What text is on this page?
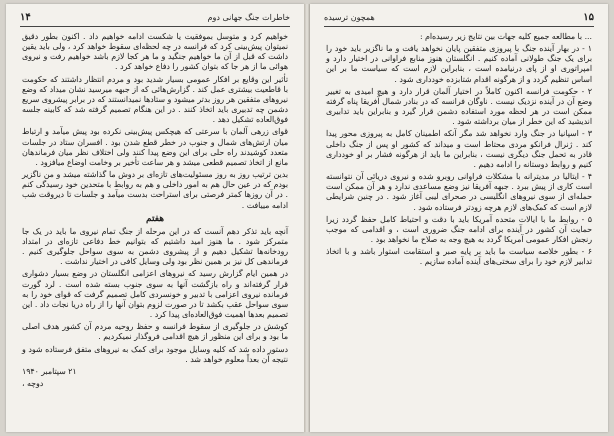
۱۴	خاطرات جنگ جهانی دوم

خواهیم کرد و متوسل بموفقیت یا شکست ادامه خواهیم داد . اکنون بطور دقیق نمیتوان پیش‌بینی کرد که فرانسه در چه لحظه‌ای سقوط خواهد کرد ، ولی باید یقین داشت که قبل از آن ما خواهیم جنگید و ما هر کجا لازم باشد خواهیم رفت و نیروی هوائی ما از هر جا که بتوان کشور را دفاع خواهد کرد .

تأثیر این وقایع بر افکار عمومی بسیار شدید بود و مردم انتظار داشتند که حکومت با قاطعیت بیشتری عمل کند . گزارش‌هائی که از جبهه میرسید نشان میداد که وضع نیروهای متفقین هر روز بدتر میشود و ستادها نمیدانستند که در برابر پیشروی سریع دشمن چه تدبیری باید اتخاذ کنند . در این هنگام تصمیم گرفته شد که کابینه جلسه فوق‌العاده تشکیل دهد .

قوای زرهی آلمان با سرعتی که هیچکس پیش‌بینی نکرده بود پیش میآمد و ارتباط میان ارتش‌های شمال و جنوب در خطر قطع شدن بود . افسران ستاد در جلسات متعدد کوشیدند راه حلی برای این وضع پیدا کنند ولی اختلاف نظر میان فرماندهان مانع از اتخاذ تصمیم قطعی میشد و هر ساعت تأخیر بر وخامت اوضاع میافزود .

بدین ترتیب روز به روز مسئولیت‌های تازه‌ای بر دوش ما گذاشته میشد و من ناگزیر بودم که در عین حال هم به امور داخلی و هم به روابط با متحدین خود رسیدگی کنم . در آن روزها کمتر فرصتی برای استراحت بدست میآمد و جلسات تا دیروقت شب ادامه مییافت .

هفتم

آنچه باید تذکر دهم آنست که در این مرحله از جنگ تمام نیروی ما باید در یک جا متمرکز شود . ما هنوز امید داشتیم که بتوانیم خط دفاعی تازه‌ای در امتداد رودخانه‌ها تشکیل دهیم و از پیشروی دشمن به سوی سواحل جلوگیری کنیم . فرماندهی کل نیز بر همین نظر بود ولی وسایل کافی در اختیار نداشت .

در همین ایام گزارش رسید که نیروهای اعزامی انگلستان در وضع بسیار دشواری قرار گرفته‌اند و راه بازگشت آنها به سوی جنوب بسته شده است . لرد گورت فرمانده نیروی اعزامی با تدبیر و خونسردی کامل تصمیم گرفت که قوای خود را به سوی سواحل عقب بکشد تا در صورت لزوم بتوان آنها را از راه دریا نجات داد . این تصمیم بعدها اهمیت فوق‌العاده‌ای پیدا کرد .

کوشش در جلوگیری از سقوط فرانسه و حفظ روحیه مردم آن کشور هدف اصلی ما بود و برای این منظور از هیچ اقدامی فروگذار نمیکردیم .

دستور داده شد که کلیه وسایل موجود برای کمک به نیروهای متفق فرستاده شود و نتیجه آن بعداً معلوم خواهد شد .

۲۱ سپتامبر ۱۹۴۰
دوچه ،
۱۵
همچون ترسیده

... با مطالعه جمیع کلیه جهات بین نتایج زیر رسیده‌ام :

۱ - در بهار آینده جنگ با پیروزی متفقین پایان نخواهد یافت و ما ناگزیر باید خود را برای یک جنگ طولانی آماده کنیم . انگلستان هنوز منابع فراوانی در اختیار دارد و امپراتوری او از پای درنیامده است ، بنابراین لازم است که سیاست ما بر این اساس تنظیم گردد و از هرگونه اقدام شتابزده خودداری شود .

۲ - حکومت فرانسه اکنون کاملاً در اختیار آلمان قرار دارد و هیچ امیدی به تغییر وضع آن در آینده نزدیک نیست . ناوگان فرانسه که در بنادر شمال آفریقا پناه گرفته ممکن است در هر لحظه مورد استفاده دشمن قرار گیرد و بنابراین باید تدابیری اندیشید که این خطر از میان برداشته شود .

۳ - اسپانیا در جنگ وارد نخواهد شد مگر آنکه اطمینان کامل به پیروزی محور پیدا کند . ژنرال فرانکو مردی محتاط است و میداند که کشور او پس از جنگ داخلی قادر به تحمل جنگ دیگری نیست ، بنابراین ما باید از هرگونه فشار بر او خودداری کنیم و روابط دوستانه را ادامه دهیم .

۴ - ایتالیا در مدیترانه با مشکلات فراوانی روبرو شده و نیروی دریائی آن نتوانسته است کاری از پیش ببرد . جبهه آفریقا نیز وضع مساعدی ندارد و هر آن ممکن است حمله‌ای از سوی نیروهای انگلیسی در صحرای لیبی آغاز شود . در چنین شرایطی لازم است که کمک‌های لازم هرچه زودتر فرستاده شود .

۵ - روابط ما با ایالات متحده آمریکا باید با دقت و احتیاط کامل حفظ گردد زیرا حمایت آن کشور در آینده برای ادامه جنگ ضروری است ، و اقدامی که موجب رنجش افکار عمومی آمریکا گردد به هیچ وجه به صلاح ما نخواهد بود .

۶ - بطور خلاصه سیاست ما باید بر پایه صبر و استقامت استوار باشد و با اتخاذ تدابیر لازم خود را برای سختی‌های آینده آماده سازیم .
